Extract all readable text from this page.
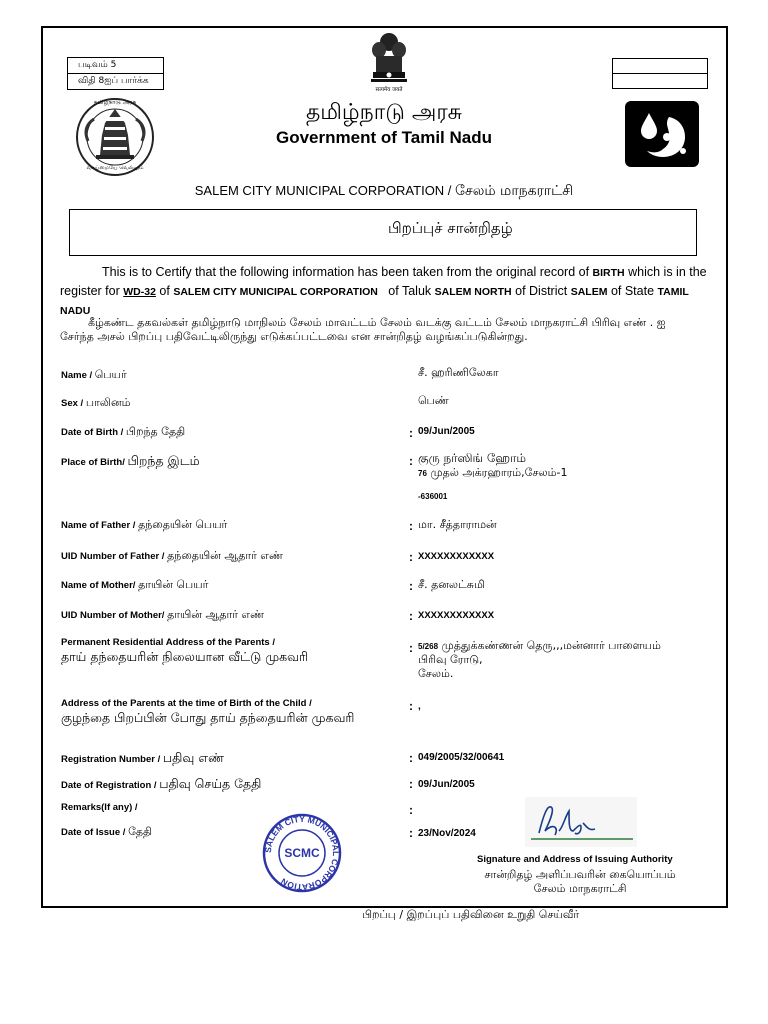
படிவம் 5
விதி 8ஐப் பார்க்க
सत्यमेव जयते
தமிழ்நாடு அரசு
வாய்மையே வெல்லும்
தமிழ்நாடு அரசு
Government of Tamil Nadu
SALEM CITY MUNICIPAL CORPORATION / சேலம் மாநகராட்சி
பிறப்புச் சான்றிதழ்
This is to Certify that the following information has been taken from the original record of BIRTH which is in the register for WD-32 of SALEM CITY MUNICIPAL CORPORATION of Taluk SALEM NORTH of District SALEM of State TAMIL NADU
கீழ்கண்ட தகவல்கள் தமிழ்நாடு மாநிலம் சேலம் மாவட்டம் சேலம் வடக்கு வட்டம் சேலம் மாநகராட்சி பிரிவு எண் . ஐ சேர்ந்த அசல் பிறப்பு பதிவேட்டிலிருந்து எடுக்கப்பட்டவை என சான்றிதழ் வழங்கப்படுகின்றது.
Name / பெயர்	சீ. ஹரிணிலேகா
Sex / பாலினம்	பெண்
Date of Birth / பிறந்த தேதி	: 09/Jun/2005
Place of Birth/ பிறந்த இடம்	: குரு நர்ஸிங் ஹோம்
76 முதல் அக்ரஹாரம்,சேலம்-1
-636001
Name of Father / தந்தையின் பெயர்	: மா. சீத்தாராமன்
UID Number of Father / தந்தையின் ஆதார் எண்	: XXXXXXXXXXXX
Name of Mother/ தாயின் பெயர்	: சீ. தனலட்சுமி
UID Number of Mother/ தாயின் ஆதார் எண்	: XXXXXXXXXXXX
Permanent Residential Address of the Parents /
தாய் தந்தையரின் நிலையான வீட்டு முகவரி
: 5/268 முத்துக்கண்ணன் தெரு,,,மன்னார் பாளையம்
பிரிவு ரோடு,
சேலம்.
Address of the Parents at the time of Birth of the Child /
குழந்தை பிறப்பின் போது தாய் தந்தையரின் முகவரி
: ,
Registration Number / பதிவு எண்	: 049/2005/32/00641
Date of Registration / பதிவு செய்த தேதி	: 09/Jun/2005
Remarks(If any) /	:
Date of Issue / தேதி	: 23/Nov/2024
SALEM CITY MUNICIPAL CORPORATION
SCMC	Signature and Address of Issuing Authority
சான்றிதழ் அளிப்பவரின் கையொப்பம்
சேலம் மாநகராட்சி
பிறப்பு / இறப்புப் பதிவினை உறுதி செய்வீர்
